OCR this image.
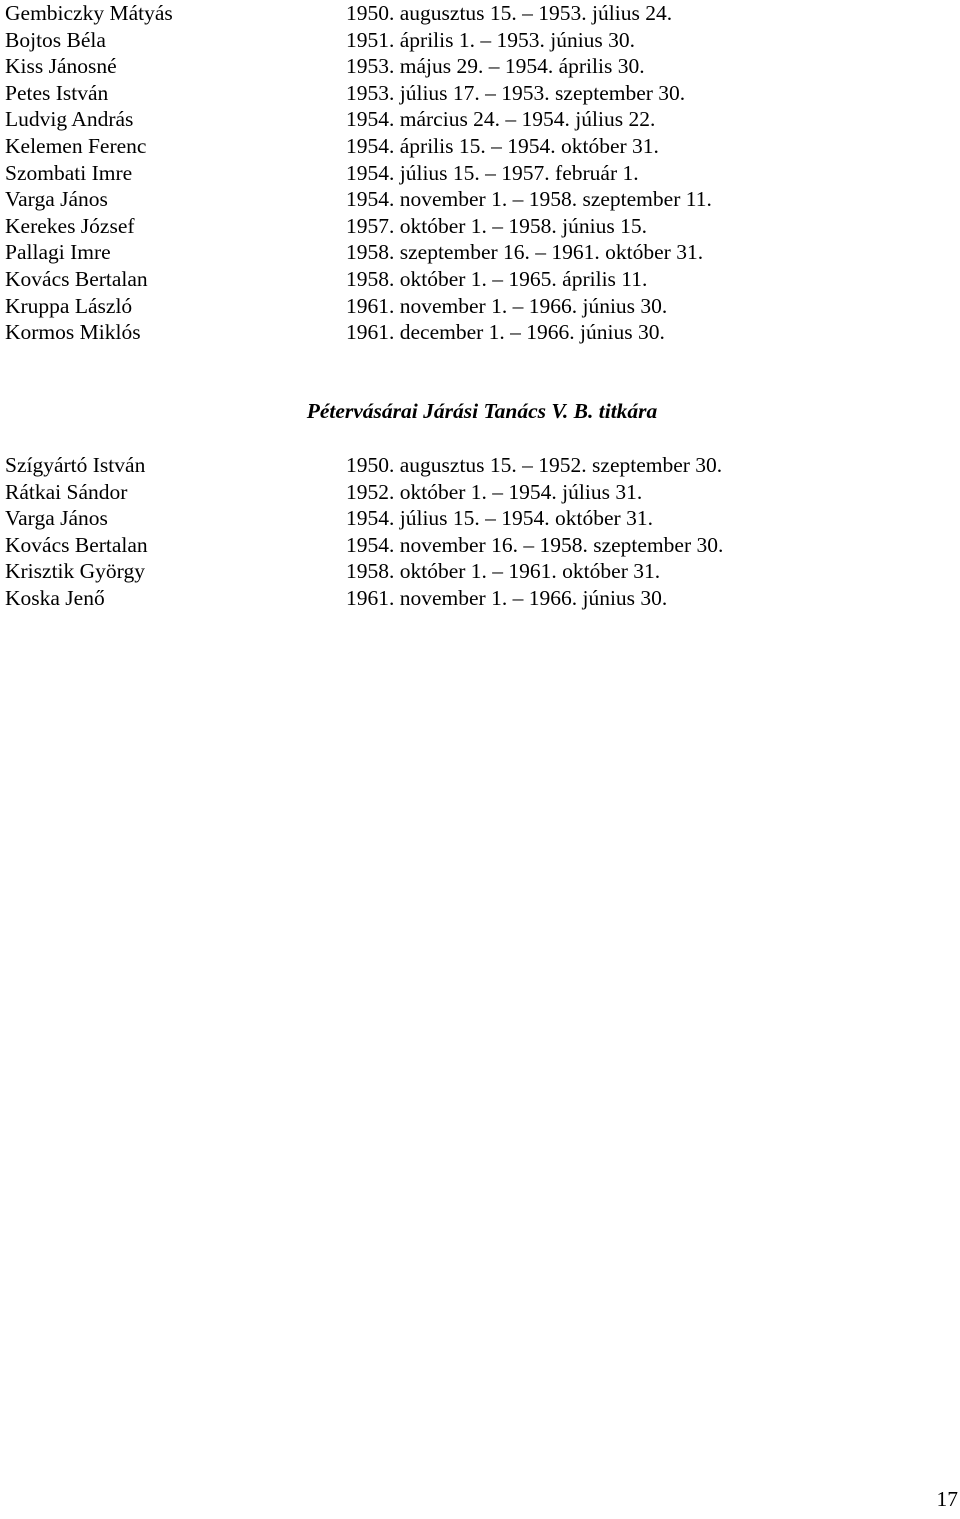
Gembiczky Mátyás	1950. augusztus 15. – 1953. július 24.
Bojtos Béla	1951. április 1. – 1953. június 30.
Kiss Jánosné	1953. május 29. – 1954. április 30.
Petes István	1953. július 17. – 1953. szeptember 30.
Ludvig András	1954. március 24. – 1954. július 22.
Kelemen Ferenc	1954. április 15. – 1954. október 31.
Szombati Imre	1954. július 15. – 1957. február 1.
Varga János	1954. november 1. – 1958. szeptember 11.
Kerekes József	1957. október 1. – 1958. június 15.
Pallagi Imre	1958. szeptember 16. – 1961. október 31.
Kovács Bertalan	1958. október 1. – 1965. április 11.
Kruppa László	1961. november 1. – 1966. június 30.
Kormos Miklós	1961. december 1. – 1966. június 30.
Pétervásárai Járási Tanács V. B. titkára
Szígyártó István	1950. augusztus 15. – 1952. szeptember 30.
Rátkai Sándor	1952. október 1. – 1954. július 31.
Varga János	1954. július 15. – 1954. október 31.
Kovács Bertalan	1954. november 16. – 1958. szeptember 30.
Krisztik György	1958. október 1. – 1961. október 31.
Koska Jenő	1961. november 1. – 1966. június 30.
17
